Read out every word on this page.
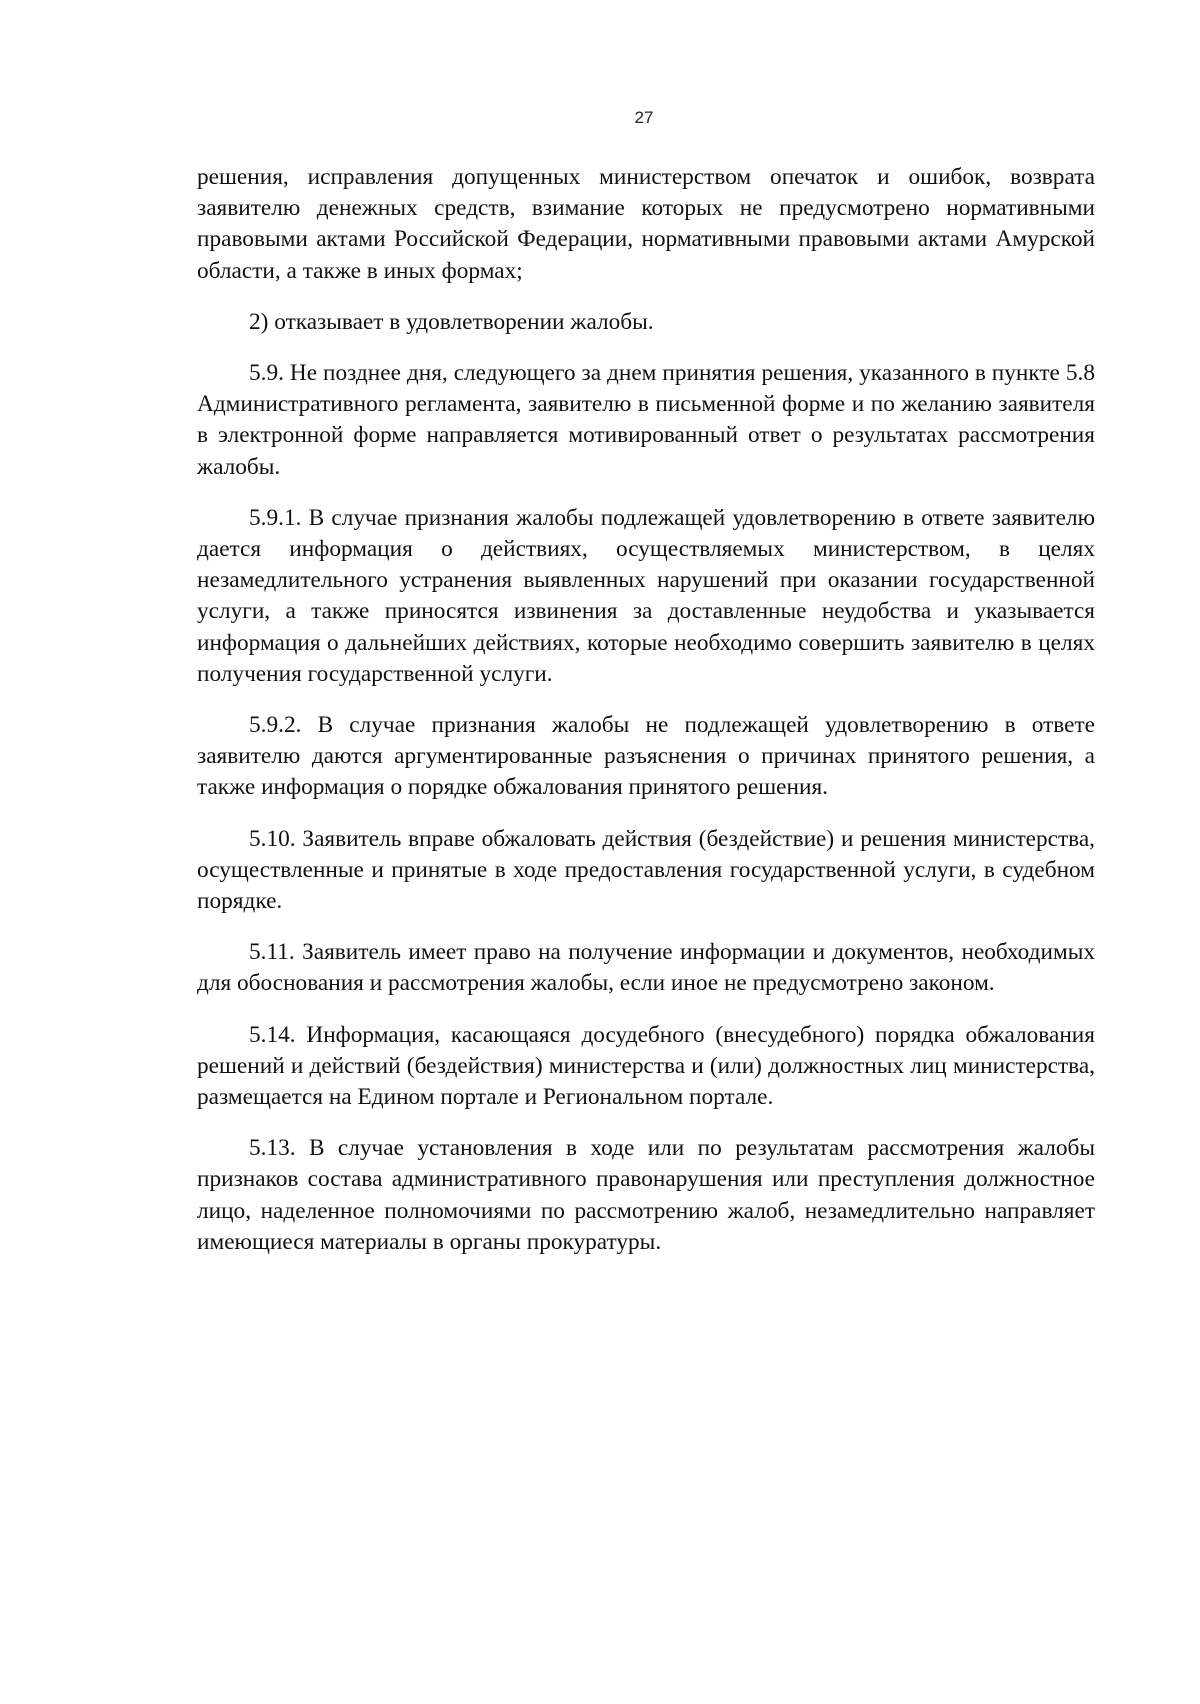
27

решения, исправления допущенных министерством опечаток и ошибок, возврата заявителю денежных средств, взимание которых не предусмотрено нормативными правовыми актами Российской Федерации, нормативными правовыми актами Амурской области, а также в иных формах;

2) отказывает в удовлетворении жалобы.

5.9. Не позднее дня, следующего за днем принятия решения, указанного в пункте 5.8 Административного регламента, заявителю в письменной форме и по желанию заявителя в электронной форме направляется мотивированный ответ о результатах рассмотрения жалобы.

5.9.1. В случае признания жалобы подлежащей удовлетворению в ответе заявителю дается информация о действиях, осуществляемых министерством, в целях незамедлительного устранения выявленных нарушений при оказании государственной услуги, а также приносятся извинения за доставленные неудобства и указывается информация о дальнейших действиях, которые необходимо совершить заявителю в целях получения государственной услуги.

5.9.2. В случае признания жалобы не подлежащей удовлетворению в ответе заявителю даются аргументированные разъяснения о причинах принятого решения, а также информация о порядке обжалования принятого решения.

5.10. Заявитель вправе обжаловать действия (бездействие) и решения министерства, осуществленные и принятые в ходе предоставления государственной услуги, в судебном порядке.

5.11. Заявитель имеет право на получение информации и документов, необходимых для обоснования и рассмотрения жалобы, если иное не предусмотрено законом.

5.14. Информация, касающаяся досудебного (внесудебного) порядка обжалования решений и действий (бездействия) министерства и (или) должностных лиц министерства, размещается на Едином портале и Региональном портале.

5.13. В случае установления в ходе или по результатам рассмотрения жалобы признаков состава административного правонарушения или преступления должностное лицо, наделенное полномочиями по рассмотрению жалоб, незамедлительно направляет имеющиеся материалы в органы прокуратуры.
